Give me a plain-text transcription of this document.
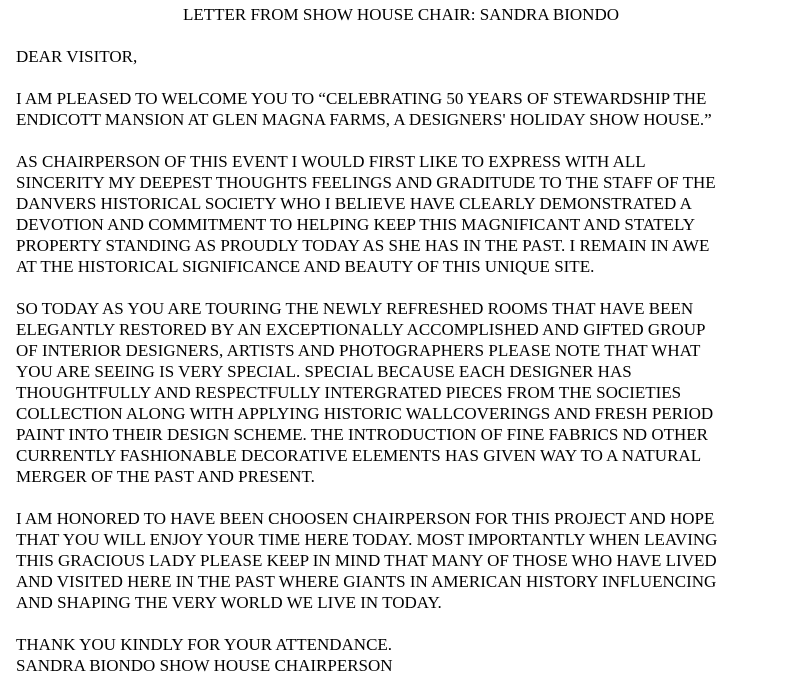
LETTER FROM SHOW HOUSE CHAIR: SANDRA BIONDO
DEAR VISITOR,
I AM PLEASED TO WELCOME YOU TO “CELEBRATING 50 YEARS OF STEWARDSHIP THE
ENDICOTT MANSION AT GLEN MAGNA FARMS, A DESIGNERS' HOLIDAY SHOW HOUSE.”
AS CHAIRPERSON OF THIS EVENT I WOULD FIRST LIKE TO EXPRESS WITH ALL
SINCERITY MY DEEPEST THOUGHTS FEELINGS AND GRADITUDE TO THE STAFF OF THE
DANVERS HISTORICAL SOCIETY WHO I BELIEVE HAVE CLEARLY DEMONSTRATED A
DEVOTION AND COMMITMENT TO HELPING KEEP THIS MAGNIFICANT AND STATELY
PROPERTY STANDING AS PROUDLY TODAY AS SHE HAS IN THE PAST. I REMAIN IN AWE
AT THE HISTORICAL SIGNIFICANCE AND BEAUTY OF THIS UNIQUE SITE.
SO TODAY AS YOU ARE TOURING THE NEWLY REFRESHED ROOMS THAT HAVE BEEN
ELEGANTLY RESTORED BY AN EXCEPTIONALLY ACCOMPLISHED AND GIFTED GROUP
OF INTERIOR DESIGNERS, ARTISTS AND PHOTOGRAPHERS PLEASE NOTE THAT WHAT
YOU ARE SEEING IS VERY SPECIAL. SPECIAL BECAUSE EACH DESIGNER HAS
THOUGHTFULLY AND RESPECTFULLY INTERGRATED PIECES FROM THE SOCIETIES
COLLECTION ALONG WITH APPLYING HISTORIC WALLCOVERINGS AND FRESH PERIOD
PAINT INTO THEIR DESIGN SCHEME. THE INTRODUCTION OF FINE FABRICS ND OTHER
CURRENTLY FASHIONABLE DECORATIVE ELEMENTS HAS GIVEN WAY TO A NATURAL
MERGER OF THE PAST AND PRESENT.
I AM HONORED TO HAVE BEEN CHOOSEN CHAIRPERSON FOR THIS PROJECT AND HOPE
THAT YOU WILL ENJOY YOUR TIME HERE TODAY. MOST IMPORTANTLY WHEN LEAVING
THIS GRACIOUS LADY PLEASE KEEP IN MIND THAT MANY OF THOSE WHO HAVE LIVED
AND VISITED HERE IN THE PAST WHERE GIANTS IN AMERICAN HISTORY INFLUENCING
AND SHAPING THE VERY WORLD WE LIVE IN TODAY.
THANK YOU KINDLY FOR YOUR ATTENDANCE.
SANDRA BIONDO SHOW HOUSE CHAIRPERSON
